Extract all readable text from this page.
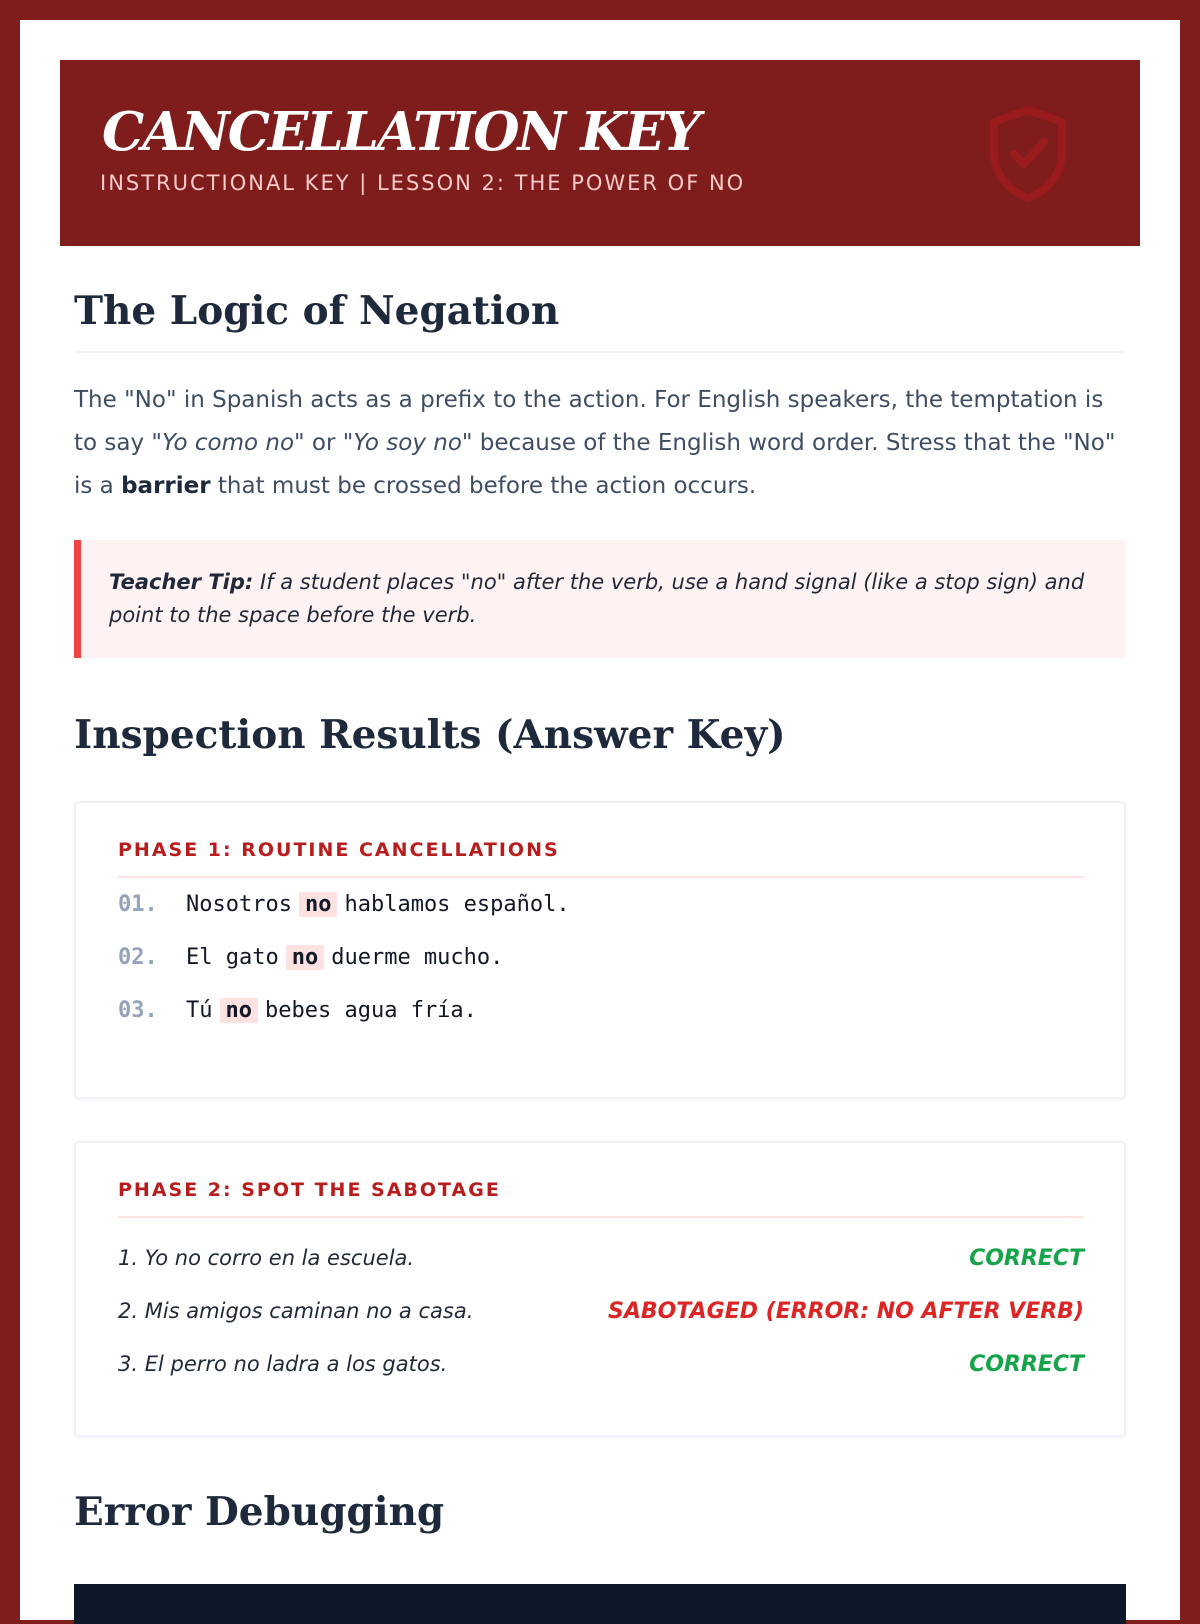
CANCELLATION KEY
INSTRUCTIONAL KEY | LESSON 2: THE POWER OF NO
The Logic of Negation

The "No" in Spanish acts as a prefix to the action. For English speakers, the temptation is to say "Yo como no" or "Yo soy no" because of the English word order. Stress that the "No" is a barrier that must be crossed before the action occurs.

Teacher Tip: If a student places "no" after the verb, use a hand signal (like a stop sign) and point to the space before the verb.
Inspection Results (Answer Key)
PHASE 1: ROUTINE CANCELLATIONS
01.	Nosotros no hablamos español.
02.	El gato no duerme mucho.
03.	Tú no bebes agua fría.
PHASE 2: SPOT THE SABOTAGE
1. Yo no corro en la escuela.	CORRECT
2. Mis amigos caminan no a casa.	SABOTAGED (ERROR: NO AFTER VERB)
3. El perro no ladra a los gatos.	CORRECT
Error Debugging
